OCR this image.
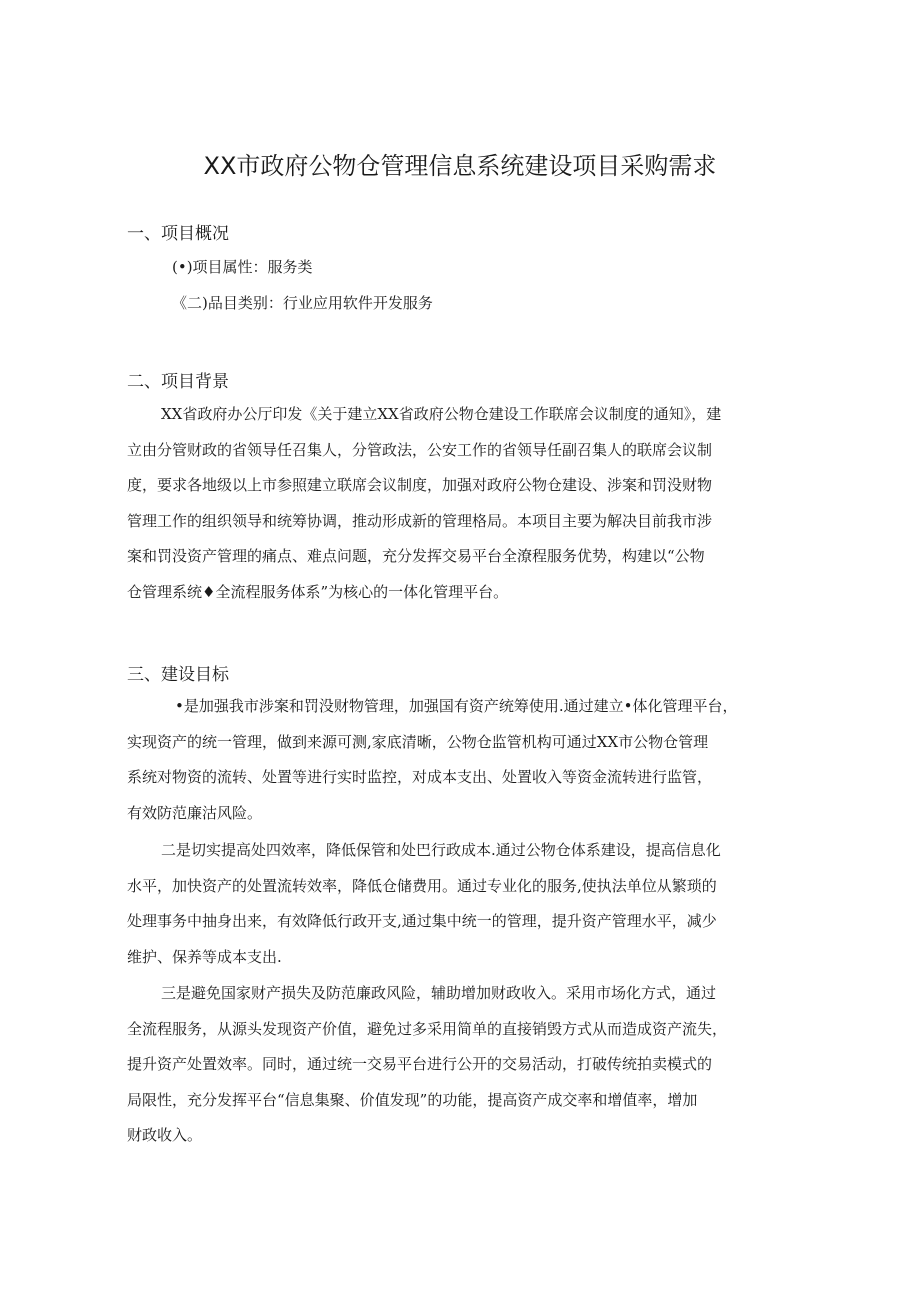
XX市政府公物仓管理信息系统建设项目采购需求
一、项目概况
(•)项目属性：服务类
《二)品目类别：行业应用软件开发服务
二、项目背景
XX省政府办公厅印发《关于建立XX省政府公物仓建设工作联席会议制度的通知》，建
立由分管财政的省领导任召集人，分管政法，公安工作的省领导任副召集人的联席会议制
度，要求各地级以上市参照建立联席会议制度，加强对政府公物仓建设、涉案和罚没财物
管理工作的组织领导和统筹协调，推动形成新的管理格局。本项目主要为解决目前我市涉
案和罚没资产管理的痛点、难点问题，充分发挥交易平台全潦程服务优势，构建以“公物
仓管理系统♦全流程服务体系”为核心的一体化管理平台。
三、建设目标
•是加强我市涉案和罚没财物管理，加强国有资产统筹使用.通过建立•体化管理平台，
实现资产的统一管理，做到来源可测,家底清晰，公物仓监管机构可通过XX市公物仓管理
系统对物资的流转、处置等进行实时监控，对成本支出、处置收入等资金流转进行监管，
有效防范廉沽风险。
二是切实提高处四效率，降低保管和处巴行政成本.通过公物仓体系建设，提高信息化
水平，加快资产的处置流转效率，降低仓储费用。通过专业化的服务,使执法单位从繁琐的
处理事务中抽身出来，有效降低行政开支,通过集中统一的管理，提升资产管理水平，减少
维护、保养等成本支出.
三是避免国家财产损失及防范廉政风险，辅助增加财政收入。采用市场化方式，通过
全流程服务，从源头发现资产价值，避免过多采用简单的直接销毁方式从而造成资产流失，
提升资产处置效率。同时，通过统一交易平台进行公开的交易活动，打破传统拍卖模式的
局限性，充分发挥平台“信息集聚、价值发现”的功能，提高资产成交率和增值率，增加
财政收入。
